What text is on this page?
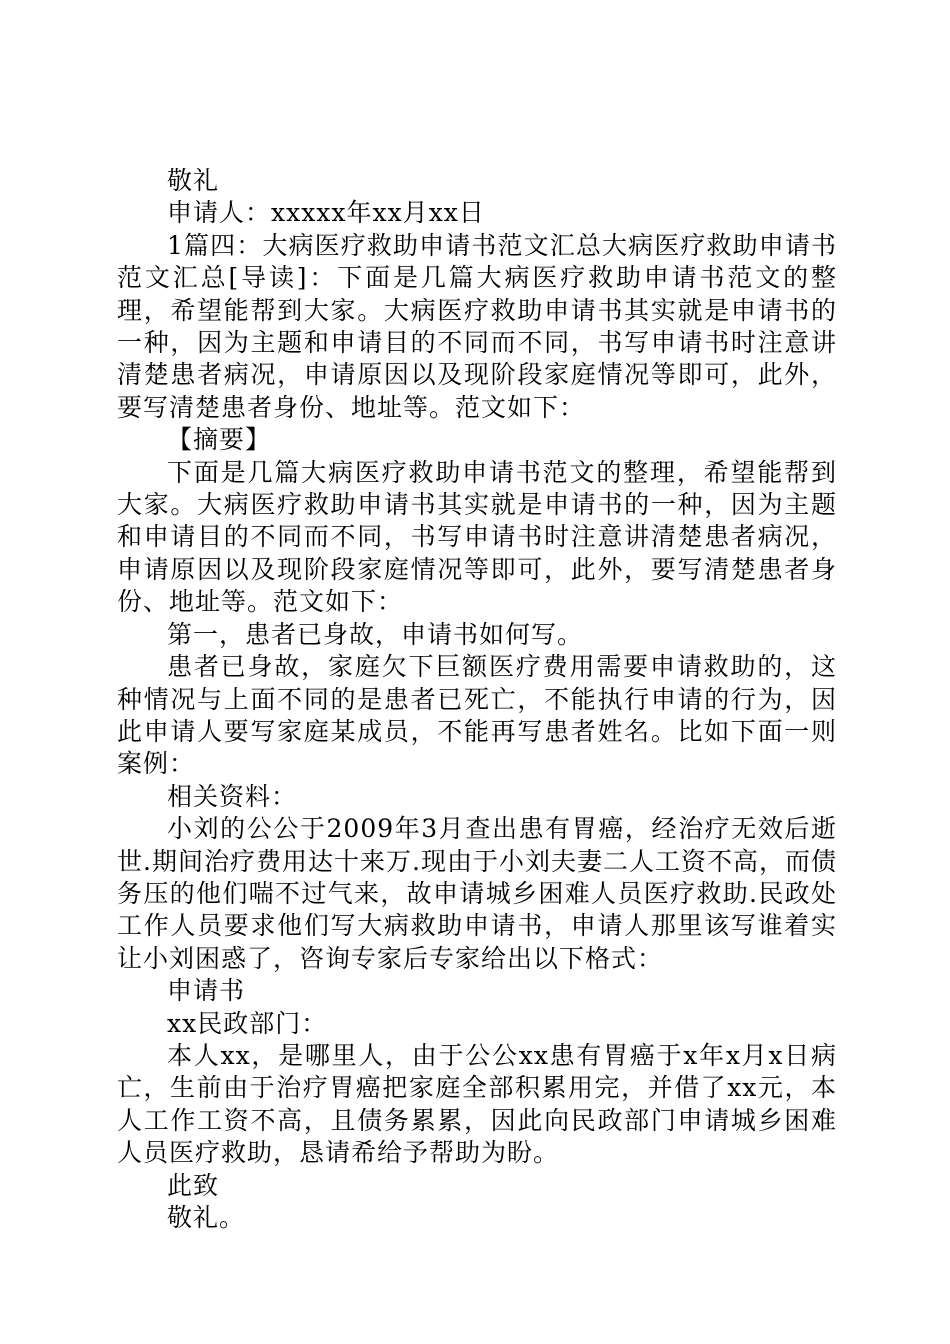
敬礼

申请人：xxxxx年xx月xx日

1篇四：大病医疗救助申请书范文汇总大病医疗救助申请书范文汇总[导读]：下面是几篇大病医疗救助申请书范文的整理，希望能帮到大家。大病医疗救助申请书其实就是申请书的一种，因为主题和申请目的不同而不同，书写申请书时注意讲清楚患者病况，申请原因以及现阶段家庭情况等即可，此外，要写清楚患者身份、地址等。范文如下：

【摘要】

下面是几篇大病医疗救助申请书范文的整理，希望能帮到大家。大病医疗救助申请书其实就是申请书的一种，因为主题和申请目的不同而不同，书写申请书时注意讲清楚患者病况，申请原因以及现阶段家庭情况等即可，此外，要写清楚患者身份、地址等。范文如下：

第一，患者已身故，申请书如何写。

患者已身故，家庭欠下巨额医疗费用需要申请救助的，这种情况与上面不同的是患者已死亡，不能执行申请的行为，因此申请人要写家庭某成员，不能再写患者姓名。比如下面一则案例：

相关资料：

小刘的公公于2009年3月查出患有胃癌，经治疗无效后逝世.期间治疗费用达十来万.现由于小刘夫妻二人工资不高，而债务压的他们喘不过气来，故申请城乡困难人员医疗救助.民政处工作人员要求他们写大病救助申请书，申请人那里该写谁着实让小刘困惑了，咨询专家后专家给出以下格式：

申请书

xx民政部门：

本人xx，是哪里人，由于公公xx患有胃癌于x年x月x日病亡，生前由于治疗胃癌把家庭全部积累用完，并借了xx元，本人工作工资不高，且债务累累，因此向民政部门申请城乡困难人员医疗救助，恳请希给予帮助为盼。

此致

敬礼。
